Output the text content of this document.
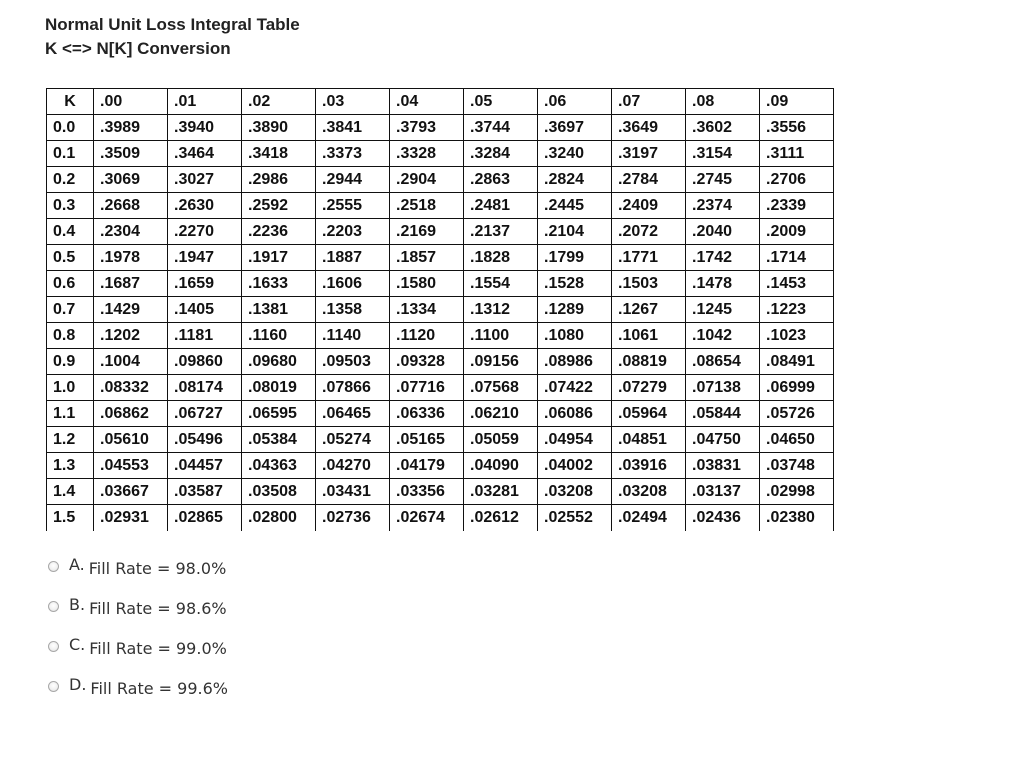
Normal Unit Loss Integral Table
K <=> N[K] Conversion
K	.00	.01	.02	.03	.04	.05	.06	.07	.08	.09
0.0	.3989	.3940	.3890	.3841	.3793	.3744	.3697	.3649	.3602	.3556
0.1	.3509	.3464	.3418	.3373	.3328	.3284	.3240	.3197	.3154	.3111
0.2	.3069	.3027	.2986	.2944	.2904	.2863	.2824	.2784	.2745	.2706
0.3	.2668	.2630	.2592	.2555	.2518	.2481	.2445	.2409	.2374	.2339
0.4	.2304	.2270	.2236	.2203	.2169	.2137	.2104	.2072	.2040	.2009
0.5	.1978	.1947	.1917	.1887	.1857	.1828	.1799	.1771	.1742	.1714
0.6	.1687	.1659	.1633	.1606	.1580	.1554	.1528	.1503	.1478	.1453
0.7	.1429	.1405	.1381	.1358	.1334	.1312	.1289	.1267	.1245	.1223
0.8	.1202	.1181	.1160	.1140	.1120	.1100	.1080	.1061	.1042	.1023
0.9	.1004	.09860	.09680	.09503	.09328	.09156	.08986	.08819	.08654	.08491
1.0	.08332	.08174	.08019	.07866	.07716	.07568	.07422	.07279	.07138	.06999
1.1	.06862	.06727	.06595	.06465	.06336	.06210	.06086	.05964	.05844	.05726
1.2	.05610	.05496	.05384	.05274	.05165	.05059	.04954	.04851	.04750	.04650
1.3	.04553	.04457	.04363	.04270	.04179	.04090	.04002	.03916	.03831	.03748
1.4	.03667	.03587	.03508	.03431	.03356	.03281	.03208	.03208	.03137	.02998
1.5	.02931	.02865	.02800	.02736	.02674	.02612	.02552	.02494	.02436	.02380
A. Fill Rate = 98.0%
B. Fill Rate = 98.6%
C. Fill Rate = 99.0%
D. Fill Rate = 99.6%
